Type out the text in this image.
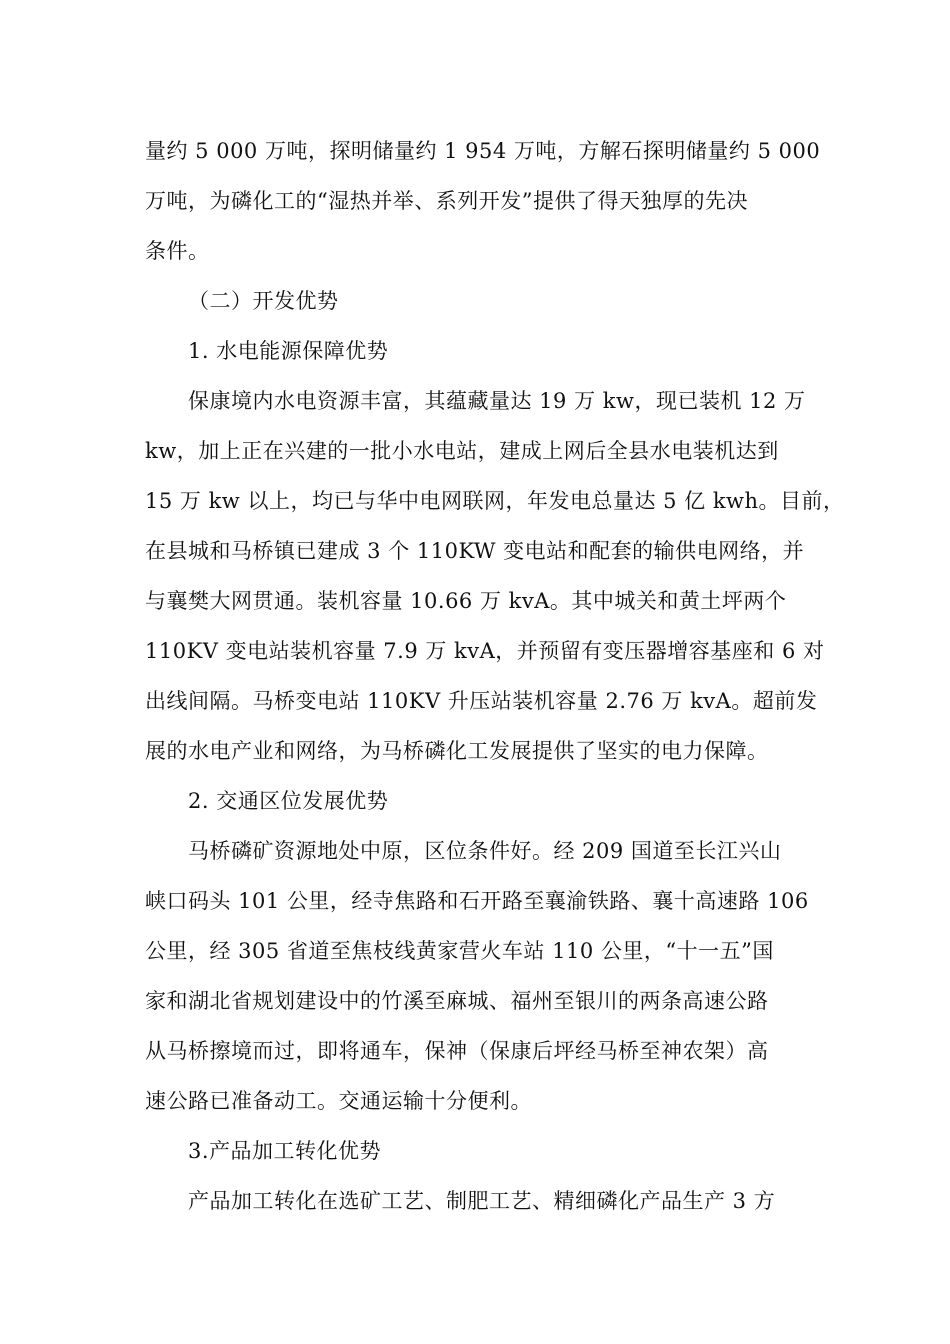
量约 5 000 万吨，探明储量约 1 954 万吨，方解石探明储量约 5 000
万吨，为磷化工的“湿热并举、系列开发”提供了得天独厚的先决
条件。
（二）开发优势
1. 水电能源保障优势
保康境内水电资源丰富，其蕴藏量达 19 万 kw，现已装机 12 万
kw，加上正在兴建的一批小水电站，建成上网后全县水电装机达到
15 万 kw 以上，均已与华中电网联网，年发电总量达 5 亿 kwh。目前，
在县城和马桥镇已建成 3 个 110KW 变电站和配套的输供电网络，并
与襄樊大网贯通。装机容量 10.66 万 kvA。其中城关和黄土坪两个
110KV 变电站装机容量 7.9 万 kvA，并预留有变压器增容基座和 6 对
出线间隔。马桥变电站 110KV 升压站装机容量 2.76 万 kvA。超前发
展的水电产业和网络，为马桥磷化工发展提供了坚实的电力保障。
2. 交通区位发展优势
马桥磷矿资源地处中原，区位条件好。经 209 国道至长江兴山
峡口码头 101 公里，经寺焦路和石开路至襄渝铁路、襄十高速路 106
公里，经 305 省道至焦枝线黄家营火车站 110 公里，“十一五”国
家和湖北省规划建设中的竹溪至麻城、福州至银川的两条高速公路
从马桥擦境而过，即将通车，保神（保康后坪经马桥至神农架）高
速公路已准备动工。交通运输十分便利。
3.产品加工转化优势
产品加工转化在选矿工艺、制肥工艺、精细磷化产品生产 3 方
